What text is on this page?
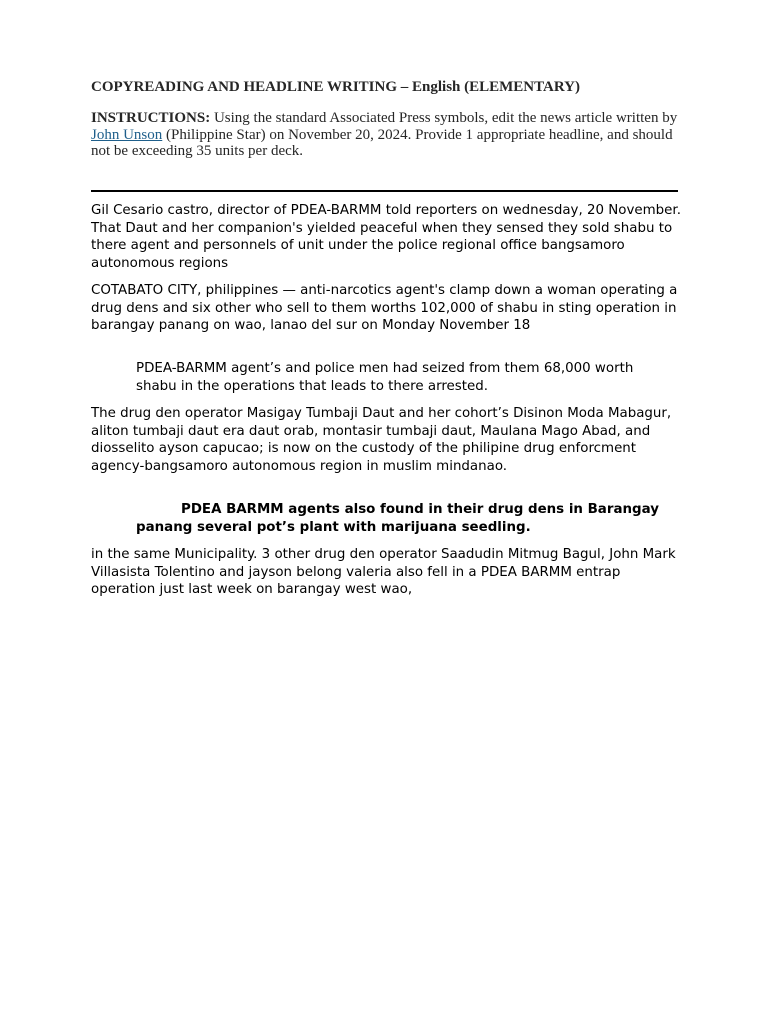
COPYREADING AND HEADLINE WRITING – English (ELEMENTARY)

INSTRUCTIONS: Using the standard Associated Press symbols, edit the news article written by John Unson (Philippine Star) on November 20, 2024. Provide 1 appropriate headline, and should not be exceeding 35 units per deck.

Gil Cesario castro, director of PDEA-BARMM told reporters on wednesday, 20 November. That Daut and her companion's yielded peaceful when they sensed they sold shabu to there agent and personnels of unit under the police regional office bangsamoro autonomous regions

COTABATO CITY, philippines — anti-narcotics agent's clamp down a woman operating a drug dens and six other who sell to them worths 102,000 of shabu in sting operation in barangay panang on wao, lanao del sur on Monday November 18

PDEA-BARMM agent’s and police men had seized from them 68,000 worth shabu in the operations that leads to there arrested.

The drug den operator Masigay Tumbaji Daut and her cohort’s Disinon Moda Mabagur, aliton tumbaji daut era daut orab, montasir tumbaji daut, Maulana Mago Abad, and diosselito ayson capucao; is now on the custody of the philipine drug enforcment agency-bangsamoro autonomous region in muslim mindanao.

PDEA BARMM agents also found in their drug dens in Barangay panang several pot’s plant with marijuana seedling.

in the same Municipality. 3 other drug den operator Saadudin Mitmug Bagul, John Mark Villasista Tolentino and jayson belong valeria also fell in a PDEA BARMM entrap operation just last week on barangay west wao,
